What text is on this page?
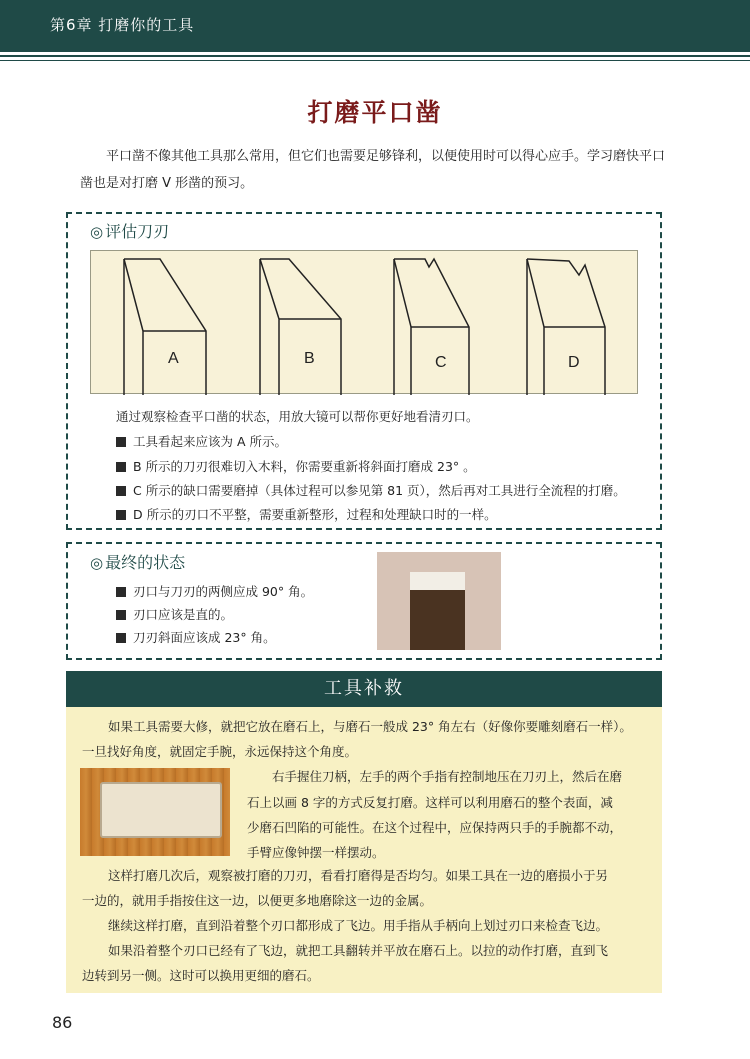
第6章 打磨你的工具
打磨平口凿
平口凿不像其他工具那么常用，但它们也需要足够锋利，以便使用时可以得心应手。学习磨快平口凿也是对打磨 V 形凿的预习。
◎ 评估刀刃
A	B	C	D
通过观察检查平口凿的状态，用放大镜可以帮你更好地看清刃口。
工具看起来应该为 A 所示。
B 所示的刀刃很难切入木料，你需要重新将斜面打磨成 23° 。
C 所示的缺口需要磨掉（具体过程可以参见第 81 页），然后再对工具进行全流程的打磨。
D 所示的刃口不平整，需要重新整形，过程和处理缺口时的一样。
◎ 最终的状态
刃口与刀刃的两侧应成 90° 角。
刃口应该是直的。
刀刃斜面应该成 23° 角。
工具补救
如果工具需要大修，就把它放在磨石上，与磨石一般成 23° 角左右（好像你要雕刻磨石一样）。
一旦找好角度，就固定手腕，永远保持这个角度。
右手握住刀柄，左手的两个手指有控制地压在刀刃上，然后在磨
石上以画 8 字的方式反复打磨。这样可以利用磨石的整个表面，减
少磨石凹陷的可能性。在这个过程中，应保持两只手的手腕都不动，
手臂应像钟摆一样摆动。
这样打磨几次后，观察被打磨的刀刃，看看打磨得是否均匀。如果工具在一边的磨损小于另
一边的，就用手指按住这一边，以便更多地磨除这一边的金属。
继续这样打磨，直到沿着整个刃口都形成了飞边。用手指从手柄向上划过刃口来检查飞边。
如果沿着整个刃口已经有了飞边，就把工具翻转并平放在磨石上。以拉的动作打磨，直到飞
边转到另一侧。这时可以换用更细的磨石。
86
